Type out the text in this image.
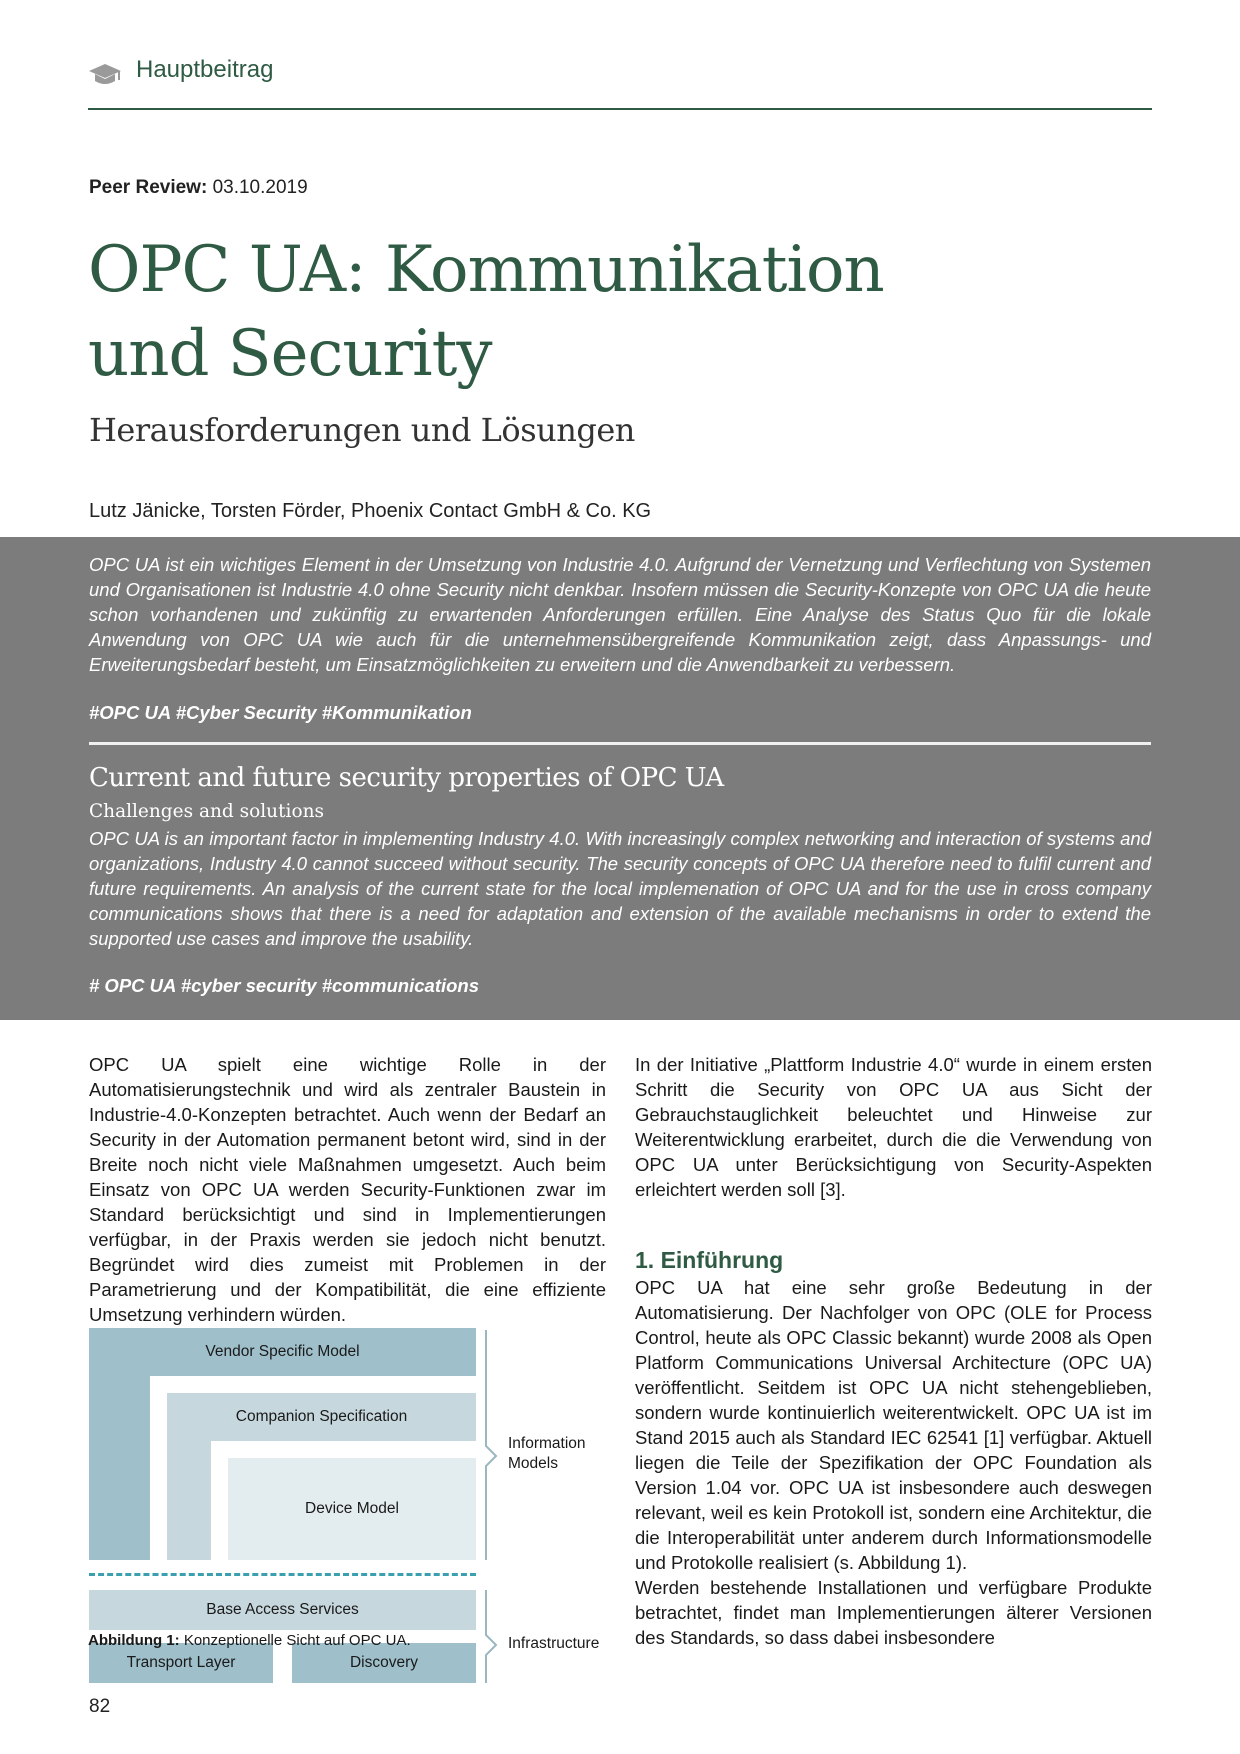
Hauptbeitrag
Peer Review: 03.10.2019
OPC UA: Kommunikation
und Security
Herausforderungen und Lösungen
Lutz Jänicke, Torsten Förder, Phoenix Contact GmbH & Co. KG

OPC UA ist ein wichtiges Element in der Umsetzung von Industrie 4.0. Aufgrund der Vernetzung und Verflechtung von Systemen und Organisationen ist Industrie 4.0 ohne Security nicht denkbar. Insofern müssen die Security-Konzepte von OPC UA die heute schon vorhandenen und zukünftig zu erwartenden Anforderungen erfüllen. Eine Analyse des Status Quo für die lokale Anwendung von OPC UA wie auch für die unternehmensübergreifende Kommunikation zeigt, dass Anpassungs- und Erweiterungsbedarf besteht, um Einsatzmöglichkeiten zu erweitern und die Anwendbarkeit zu verbessern.

#OPC UA #Cyber Security #Kommunikation
Current and future security properties of OPC UA
Challenges and solutions

OPC UA is an important factor in implementing Industry 4.0. With increasingly complex networking and interaction of systems and organizations, Industry 4.0 cannot succeed without security. The security concepts of OPC UA therefore need to fulfil current and future requirements. An analysis of the current state for the local implemenation of OPC UA and for the use in cross company communications shows that there is a need for adaptation and extension of the available mechanisms in order to extend the supported use cases and improve the usability.

# OPC UA #cyber security #communications

OPC UA spielt eine wichtige Rolle in der Automatisierungstechnik und wird als zentraler Baustein in Industrie-4.0-Konzepten betrachtet. Auch wenn der Bedarf an Security in der Automation permanent betont wird, sind in der Breite noch nicht viele Maßnahmen umgesetzt. Auch beim Einsatz von OPC UA werden Security-Funktionen zwar im Standard berücksichtigt und sind in Implementierungen verfügbar, in der Praxis werden sie jedoch nicht benutzt. Begründet wird dies zumeist mit Problemen in der Parametrierung und der Kompatibilität, die eine effiziente Umsetzung verhindern würden.

In der Initiative „Plattform Industrie 4.0“ wurde in einem ersten Schritt die Security von OPC UA aus Sicht der Gebrauchstauglichkeit beleuchtet und Hinweise zur Weiterentwicklung erarbeitet, durch die die Verwendung von OPC UA unter Berücksichtigung von Security-Aspekten erleichtert werden soll [3].

1. Einführung

OPC UA hat eine sehr große Bedeutung in der Automatisierung. Der Nachfolger von OPC (OLE for Process Control, heute als OPC Classic bekannt) wurde 2008 als Open Platform Communications Universal Architecture (OPC UA) veröffentlicht. Seitdem ist OPC UA nicht stehengeblieben, sondern wurde kontinuierlich weiterentwickelt. OPC UA ist im Stand 2015 auch als Standard IEC 62541 [1] verfügbar. Aktuell liegen die Teile der Spezifikation der OPC Foundation als Version 1.04 vor. OPC UA ist insbesondere auch deswegen relevant, weil es kein Protokoll ist, sondern eine Architektur, die die Interoperabilität unter anderem durch Informationsmodelle und Protokolle realisiert (s. Abbildung 1).

Werden bestehende Installationen und verfügbare Produkte betrachtet, findet man Implementierungen älterer Versionen des Standards, so dass dabei insbesondere

Vendor Specific Model
Companion Specification
Device Model
Base Access Services
Transport Layer	Discovery
Information
Models
Infrastructure
Abbildung 1: Konzeptionelle Sicht auf OPC UA.
82
